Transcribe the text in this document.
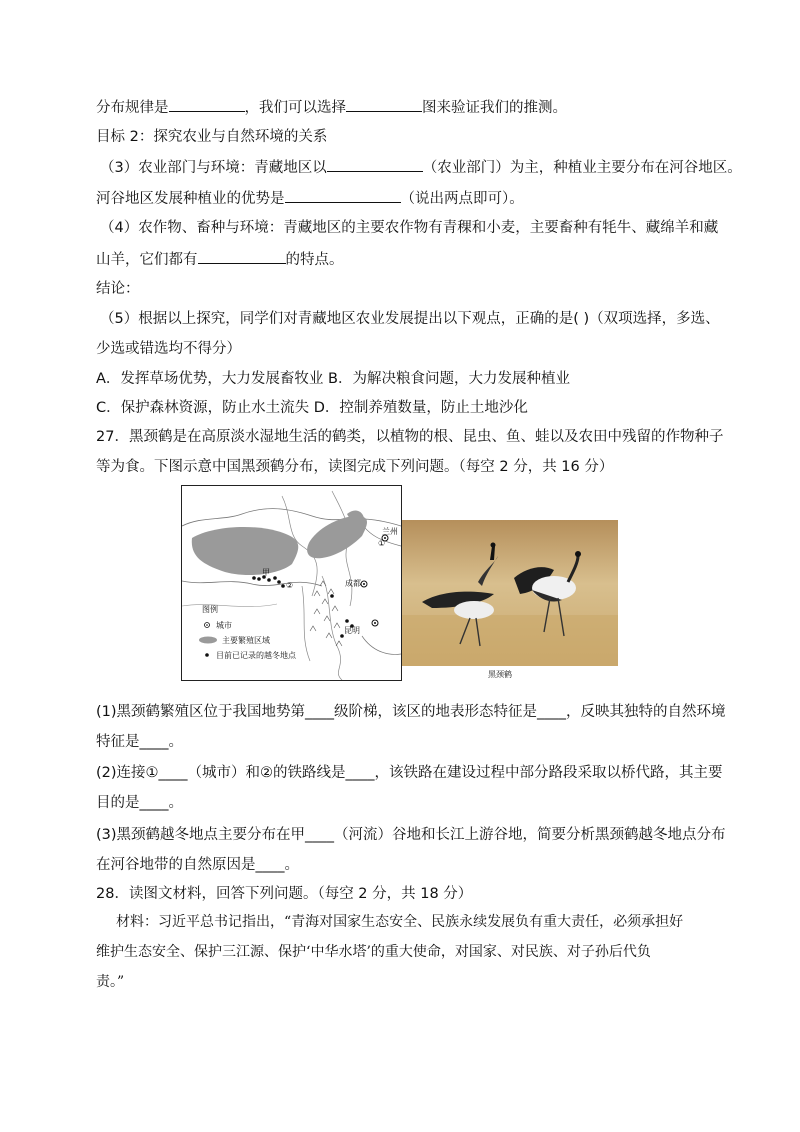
分布规律是	，我们可以选择	图来验证我们的推测。
目标 2：探究农业与自然环境的关系
（3）农业部门与环境：青藏地区以	（农业部门）为主，种植业主要分布在河谷地区。
河谷地区发展种植业的优势是	（说出两点即可）。
（4）农作物、畜种与环境：青藏地区的主要农作物有青稞和小麦，主要畜种有牦牛、藏绵羊和藏
山羊，它们都有	的特点。
结论：
（5）根据以上探究，同学们对青藏地区农业发展提出以下观点，正确的是( )（双项选择，多选、
少选或错选均不得分）
A．发挥草场优势，大力发展畜牧业 B．为解决粮食问题，大力发展种植业
C．保护森林资源，防止水土流失 D．控制养殖数量，防止土地沙化
27．黑颈鹤是在高原淡水湿地生活的鹤类，以植物的根、昆虫、鱼、蛙以及农田中残留的作物种子
等为食。下图示意中国黑颈鹤分布，读图完成下列问题。（每空 2 分，共 16 分）
兰州
成都
昆明
甲
①
②
图例
城市
主要繁殖区域
目前已记录的越冬地点
黑颈鹤
(1)黑颈鹤繁殖区位于我国地势第____级阶梯，该区的地表形态特征是____，反映其独特的自然环境
特征是____。
(2)连接①____（城市）和②的铁路线是____，该铁路在建设过程中部分路段采取以桥代路，其主要
目的是____。
(3)黑颈鹤越冬地点主要分布在甲____（河流）谷地和长江上游谷地，简要分析黑颈鹤越冬地点分布
在河谷地带的自然原因是____。
28．读图文材料，回答下列问题。（每空 2 分，共 18 分）
材料：习近平总书记指出，“青海对国家生态安全、民族永续发展负有重大责任，必须承担好
维护生态安全、保护三江源、保护‘中华水塔’的重大使命，对国家、对民族、对子孙后代负
责。”
